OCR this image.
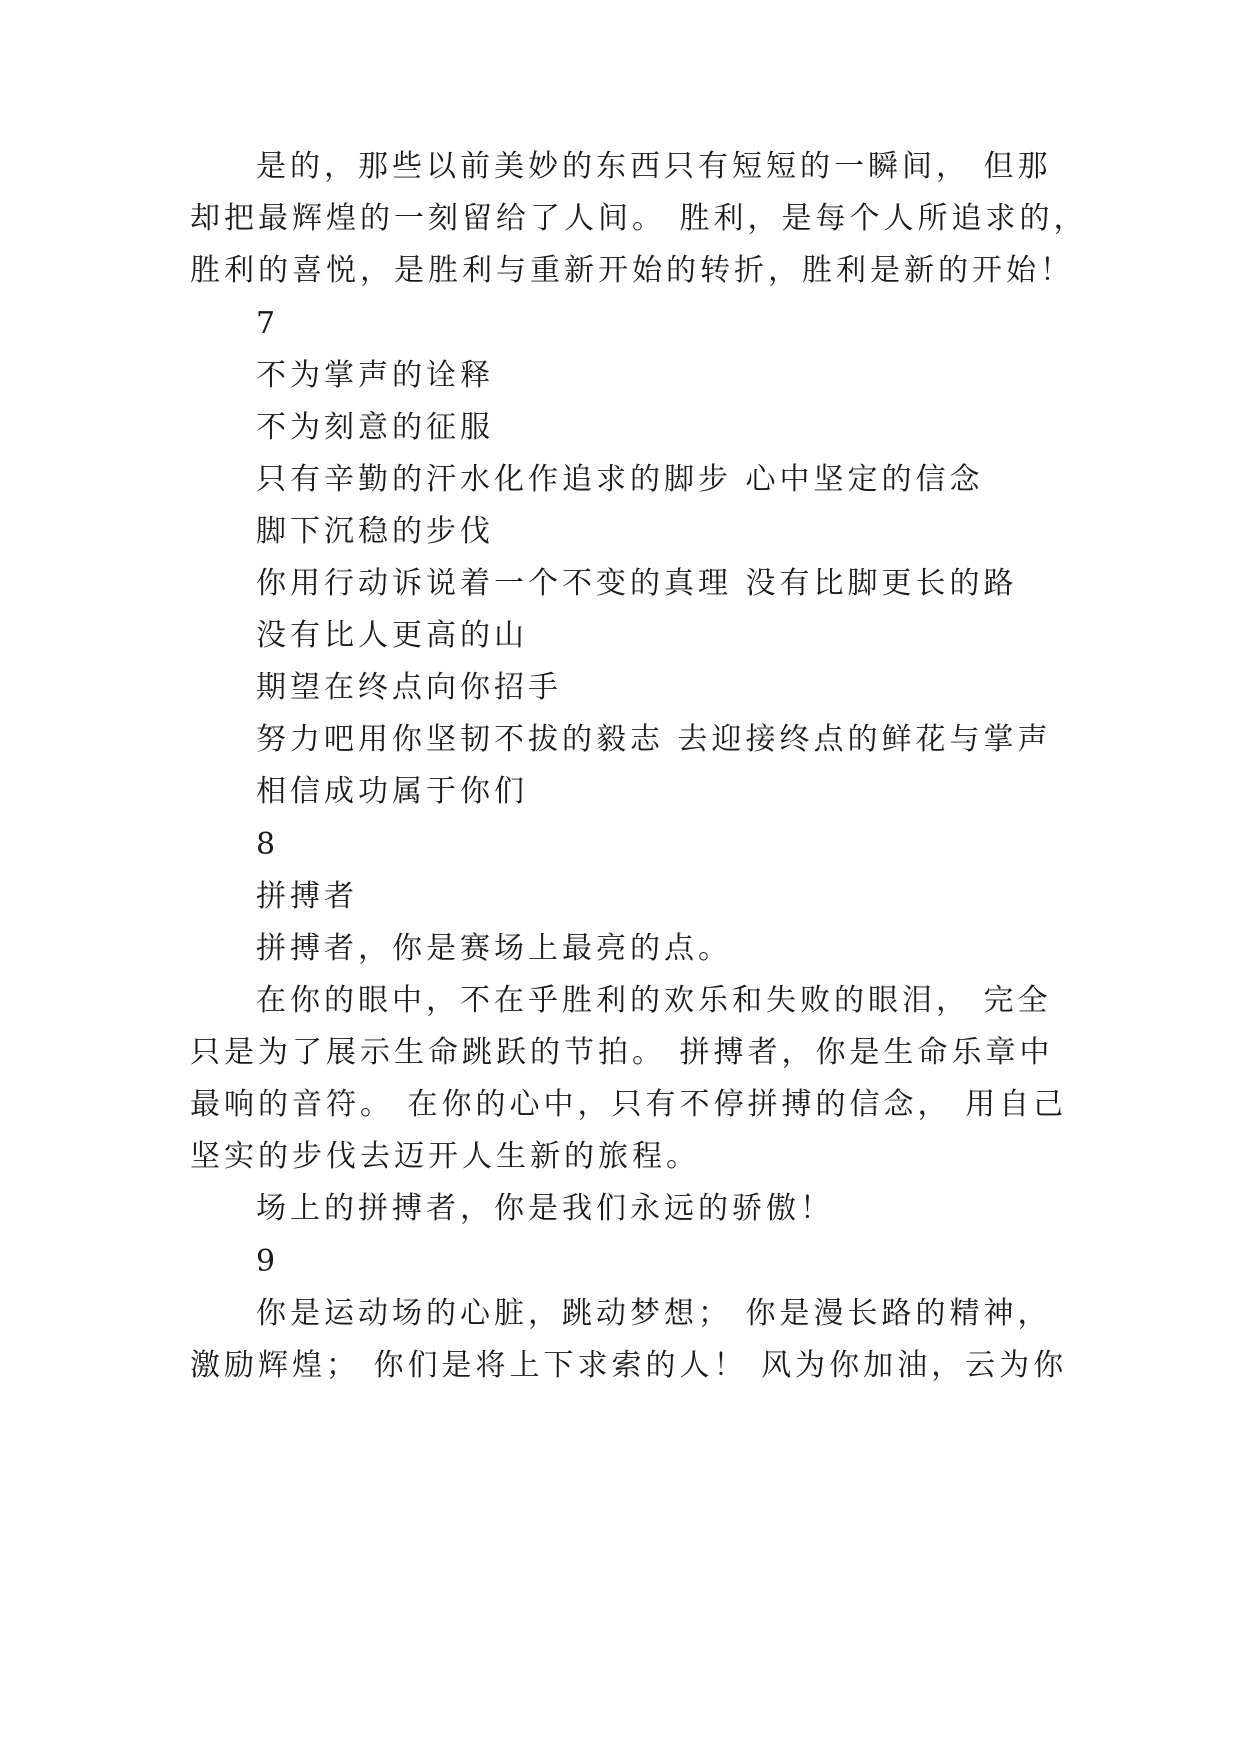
是的，那些以前美妙的东西只有短短的一瞬间， 但那
却把最辉煌的一刻留给了人间。 胜利，是每个人所追求的，
胜利的喜悦，是胜利与重新开始的转折，胜利是新的开始！
7
不为掌声的诠释
不为刻意的征服
只有辛勤的汗水化作追求的脚步 心中坚定的信念
脚下沉稳的步伐
你用行动诉说着一个不变的真理 没有比脚更长的路
没有比人更高的山
期望在终点向你招手
努力吧用你坚韧不拔的毅志 去迎接终点的鲜花与掌声
相信成功属于你们
8
拼搏者
拼搏者，你是赛场上最亮的点。
在你的眼中，不在乎胜利的欢乐和失败的眼泪， 完全
只是为了展示生命跳跃的节拍。 拼搏者，你是生命乐章中
最响的音符。 在你的心中，只有不停拼搏的信念， 用自己
坚实的步伐去迈开人生新的旅程。
场上的拼搏者，你是我们永远的骄傲！
9
你是运动场的心脏，跳动梦想； 你是漫长路的精神，
激励辉煌； 你们是将上下求索的人！ 风为你加油，云为你
